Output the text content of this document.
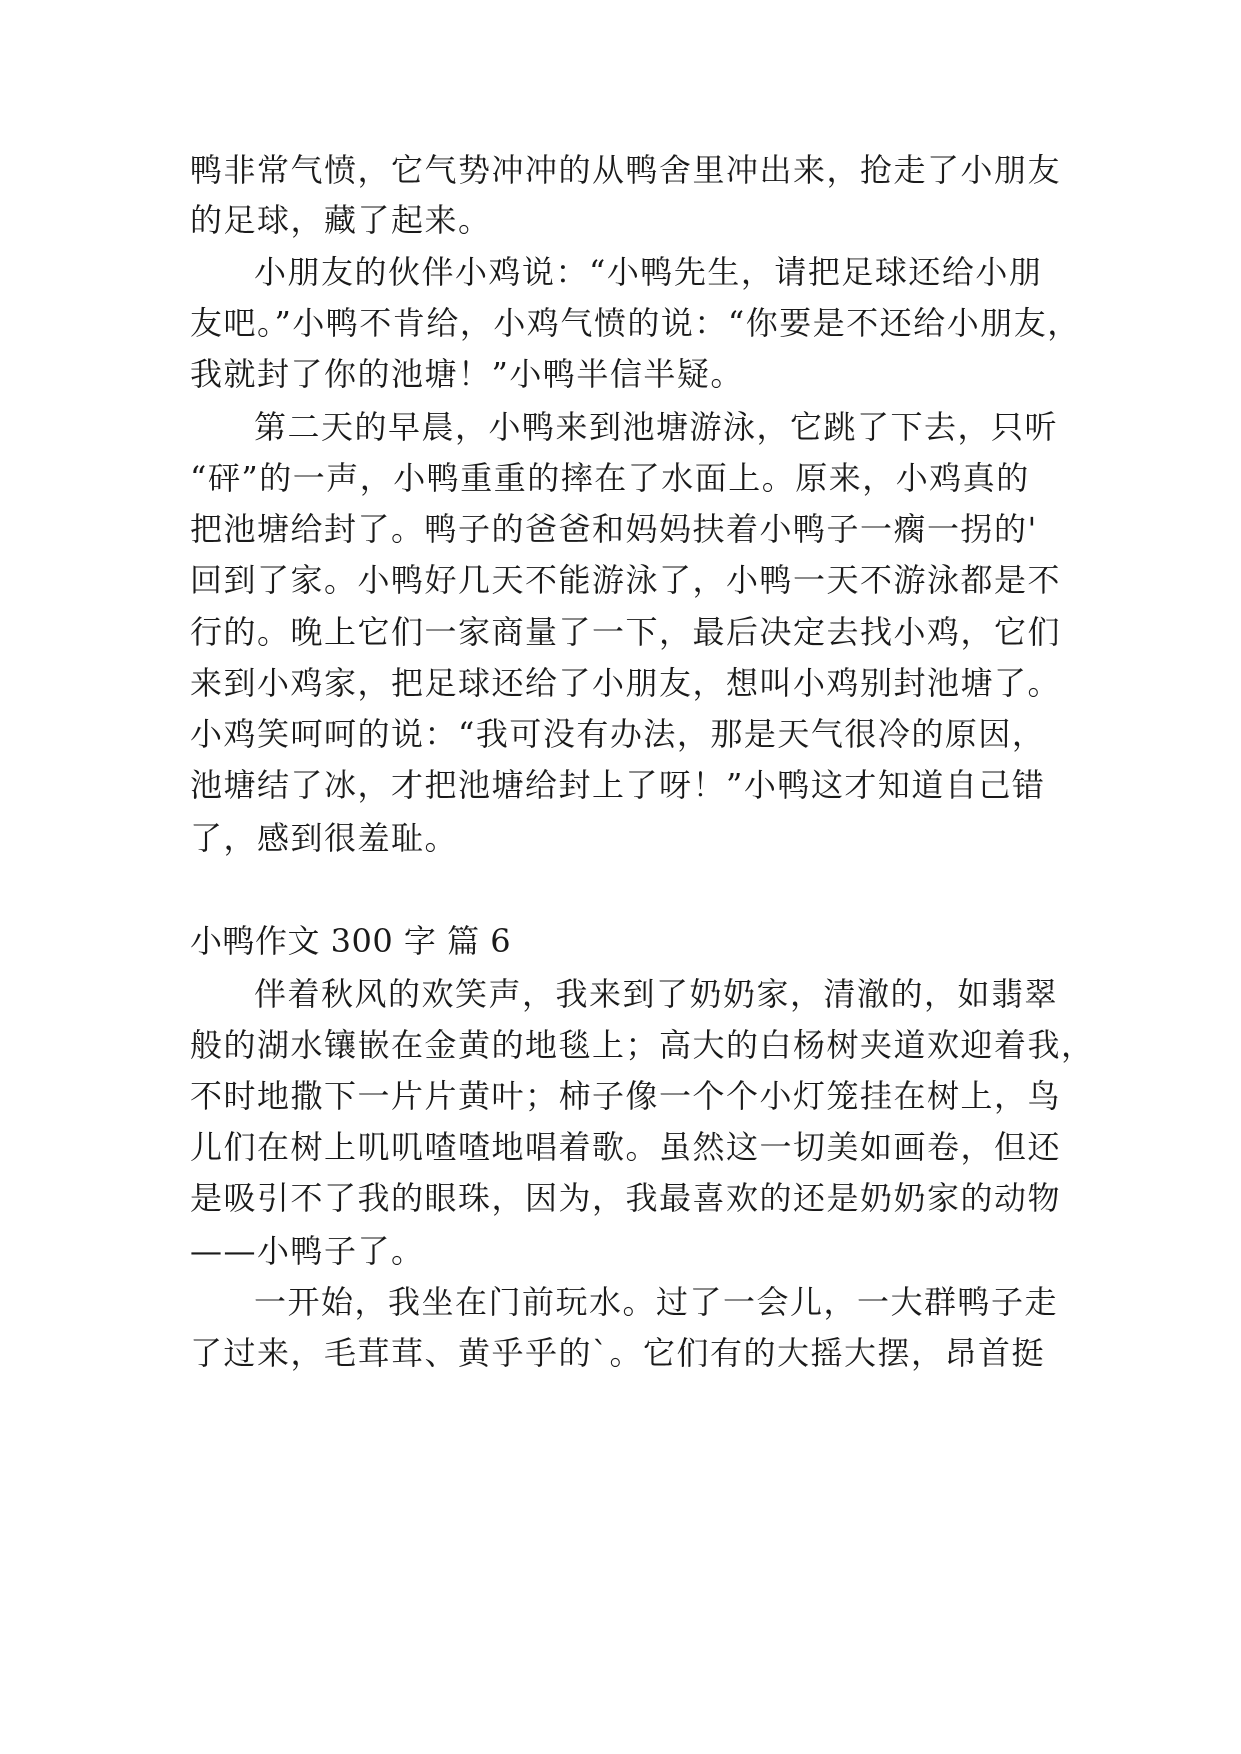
鸭非常气愤，它气势冲冲的从鸭舍里冲出来，抢走了小朋友
的足球，藏了起来。
小朋友的伙伴小鸡说：“小鸭先生，请把足球还给小朋
友吧。”小鸭不肯给，小鸡气愤的说：“你要是不还给小朋友，
我就封了你的池塘！”小鸭半信半疑。
第二天的早晨，小鸭来到池塘游泳，它跳了下去，只听
“砰”的一声，小鸭重重的摔在了水面上。原来，小鸡真的
把池塘给封了。鸭子的爸爸和妈妈扶着小鸭子一瘸一拐的'
回到了家。小鸭好几天不能游泳了，小鸭一天不游泳都是不
行的。晚上它们一家商量了一下，最后决定去找小鸡，它们
来到小鸡家，把足球还给了小朋友，想叫小鸡别封池塘了。
小鸡笑呵呵的说：“我可没有办法，那是天气很冷的原因，
池塘结了冰，才把池塘给封上了呀！”小鸭这才知道自己错
了，感到很羞耻。
小鸭作文 300 字 篇 6
伴着秋风的欢笑声，我来到了奶奶家，清澈的，如翡翠
般的湖水镶嵌在金黄的地毯上；高大的白杨树夹道欢迎着我，
不时地撒下一片片黄叶；柿子像一个个小灯笼挂在树上，鸟
儿们在树上叽叽喳喳地唱着歌。虽然这一切美如画卷，但还
是吸引不了我的眼珠，因为，我最喜欢的还是奶奶家的动物
——小鸭子了。
一开始，我坐在门前玩水。过了一会儿，一大群鸭子走
了过来，毛茸茸、黄乎乎的`。它们有的大摇大摆，昂首挺
